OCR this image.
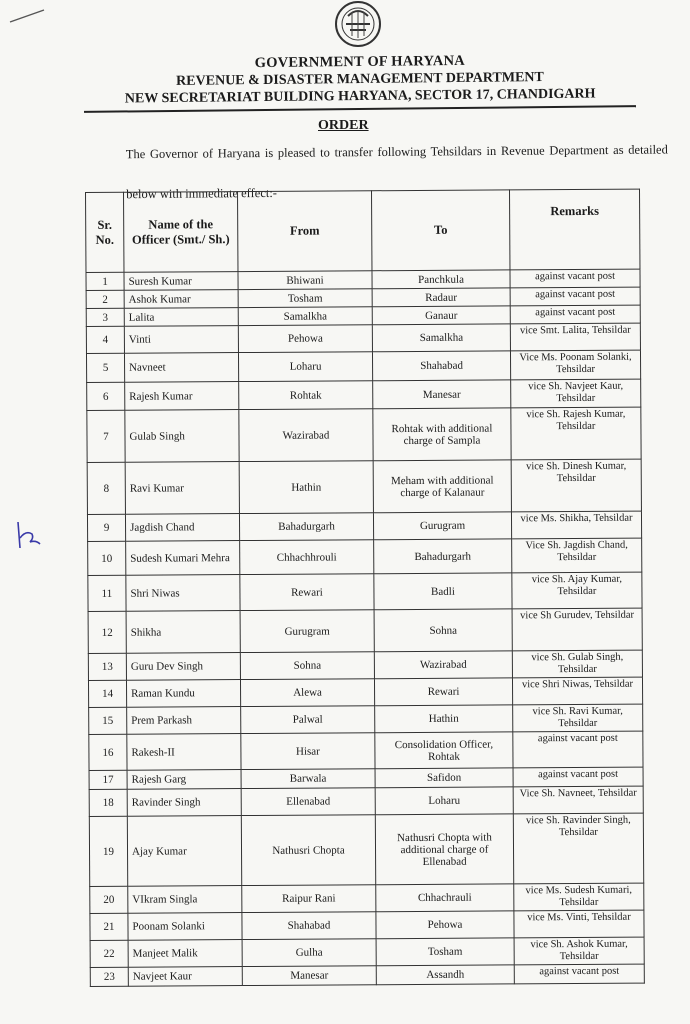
GOVERNMENT OF HARYANA
REVENUE & DISASTER MANAGEMENT DEPARTMENT
NEW SECRETARIAT BUILDING HARYANA, SECTOR 17, CHANDIGARH
ORDER
The Governor of Haryana is pleased to transfer following Tehsildars in Revenue Department as detailed below with immediate effect:-
Sr. No.	Name of the Officer (Smt./ Sh.)	From	To	Remarks
1	Suresh Kumar	Bhiwani	Panchkula	against vacant post
2	Ashok Kumar	Tosham	Radaur	against vacant post
3	Lalita	Samalkha	Ganaur	against vacant post
4	Vinti	Pehowa	Samalkha	vice Smt. Lalita, Tehsildar
5	Navneet	Loharu	Shahabad	Vice Ms. Poonam Solanki, Tehsildar
6	Rajesh Kumar	Rohtak	Manesar	vice Sh. Navjeet Kaur, Tehsildar
7	Gulab Singh	Wazirabad	Rohtak with additional charge of Sampla	vice Sh. Rajesh Kumar, Tehsildar
8	Ravi Kumar	Hathin	Meham with additional charge of Kalanaur	vice Sh. Dinesh Kumar, Tehsildar
9	Jagdish Chand	Bahadurgarh	Gurugram	vice Ms. Shikha, Tehsildar
10	Sudesh Kumari Mehra	Chhachhrouli	Bahadurgarh	Vice Sh. Jagdish Chand, Tehsildar
11	Shri Niwas	Rewari	Badli	vice Sh. Ajay Kumar, Tehsildar
12	Shikha	Gurugram	Sohna	vice Sh Gurudev, Tehsildar
13	Guru Dev Singh	Sohna	Wazirabad	vice Sh. Gulab Singh, Tehsildar
14	Raman Kundu	Alewa	Rewari	vice Shri Niwas, Tehsildar
15	Prem Parkash	Palwal	Hathin	vice Sh. Ravi Kumar, Tehsildar
16	Rakesh-II	Hisar	Consolidation Officer, Rohtak	against vacant post
17	Rajesh Garg	Barwala	Safidon	against vacant post
18	Ravinder Singh	Ellenabad	Loharu	Vice Sh. Navneet, Tehsildar
19	Ajay Kumar	Nathusri Chopta	Nathusri Chopta with additional charge of Ellenabad	vice Sh. Ravinder Singh, Tehsildar
20	VIkram Singla	Raipur Rani	Chhachrauli	vice Ms. Sudesh Kumari, Tehsildar
21	Poonam Solanki	Shahabad	Pehowa	vice Ms. Vinti, Tehsildar
22	Manjeet Malik	Gulha	Tosham	vice Sh. Ashok Kumar, Tehsildar
23	Navjeet Kaur	Manesar	Assandh	against vacant post
